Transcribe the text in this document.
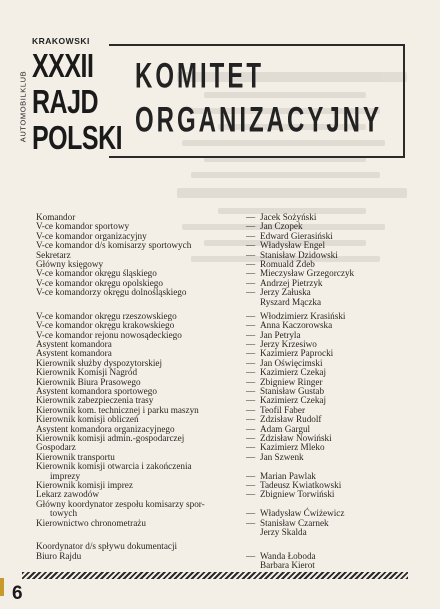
KRAKOWSKI
AUTOMOBILKLUB
XXXII
RAJD
POLSKI
KOMITET
ORGANIZACYJNY
Komandor	— Jacek Sożyński
V-ce komandor sportowy	— Jan Czopek
V-ce komandor organizacyjny	— Edward Gierasiński
V-ce komandor d/s komisarzy sportowych	— Władysław Engel
Sekretarz	— Stanisław Dzidowski
Główny księgowy	— Romuald Zdeb
V-ce komandor okręgu śląskiego	— Mieczysław Grzegorczyk
V-ce komandor okręgu opolskiego	— Andrzej Pietrzyk
V-ce komandorzy okręgu dolnośląskiego	— Jerzy Załuska
Ryszard Mączka
V-ce komandor okręgu rzeszowskiego	— Włodzimierz Krasiński
V-ce komandor okręgu krakowskiego	— Anna Kaczorowska
V-ce komandor rejonu nowosądeckiego	— Jan Petryla
Asystent komandora	— Jerzy Krzesiwo
Asystent komandora	— Kazimierz Paprocki
Kierownik służby dyspozytorskiej	— Jan Oświęcimski
Kierownik Komisji Nagród	— Kazimierz Czekaj
Kierownik Biura Prasowego	— Zbigniew Ringer
Asystent komandora sportowego	— Stanisław Gustab
Kierownik zabezpieczenia trasy	— Kazimierz Czekaj
Kierownik kom. technicznej i parku maszyn	— Teofil Faber
Kierownik komisji obliczeń	— Zdzisław Rudolf
Asystent komandora organizacyjnego	— Adam Gargul
Kierownik komisji admin.-gospodarczej	— Zdzisław Nowiński
Gospodarz	— Kazimierz Mleko
Kierownik transportu	— Jan Szwenk
Kierownik komisji otwarcia i zakończenia
imprezy	— Marian Pawlak
Kierownik komisji imprez	— Tadeusz Kwiatkowski
Lekarz zawodów	— Zbigniew Torwiński
Główny koordynator zespołu komisarzy spor-
towych	— Władysław Ćwiżewicz
Kierownictwo chronometrażu	— Stanisław Czarnek
Jerzy Skalda
Koordynator d/s spływu dokumentacji
Biuro Rajdu	— Wanda Łoboda
Barbara Kierot
6
